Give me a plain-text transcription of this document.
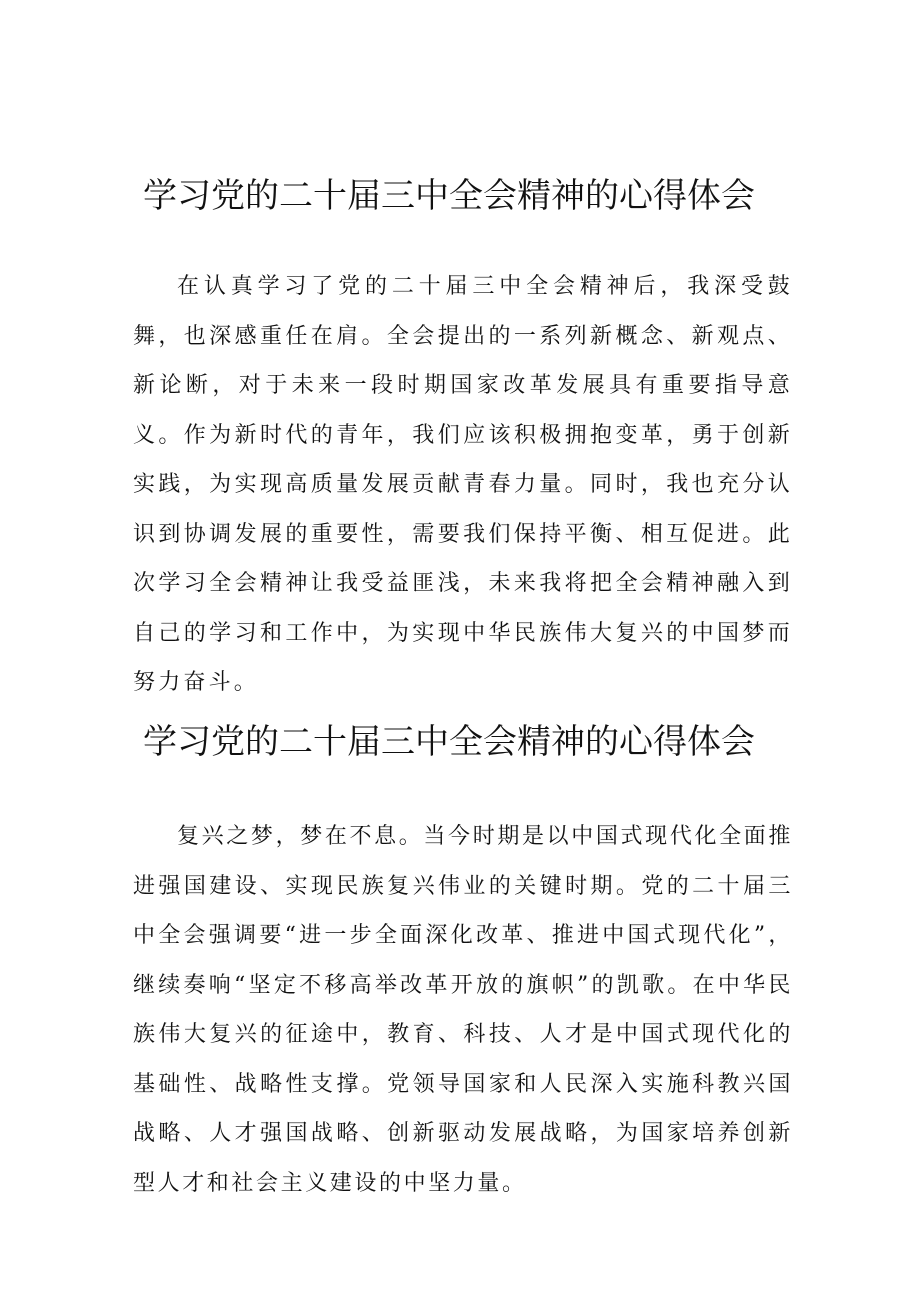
学习党的二十届三中全会精神的心得体会

在认真学习了党的二十届三中全会精神后，我深受鼓舞，也深感重任在肩。全会提出的一系列新概念、新观点、新论断，对于未来一段时期国家改革发展具有重要指导意义。作为新时代的青年，我们应该积极拥抱变革，勇于创新实践，为实现高质量发展贡献青春力量。同时，我也充分认识到协调发展的重要性，需要我们保持平衡、相互促进。此次学习全会精神让我受益匪浅，未来我将把全会精神融入到自己的学习和工作中，为实现中华民族伟大复兴的中国梦而努力奋斗。

学习党的二十届三中全会精神的心得体会

复兴之梦，梦在不息。当今时期是以中国式现代化全面推进强国建设、实现民族复兴伟业的关键时期。党的二十届三中全会强调要“进一步全面深化改革、推进中国式现代化”，继续奏响“坚定不移高举改革开放的旗帜”的凯歌。在中华民族伟大复兴的征途中，教育、科技、人才是中国式现代化的基础性、战略性支撑。党领导国家和人民深入实施科教兴国战略、人才强国战略、创新驱动发展战略，为国家培养创新型人才和社会主义建设的中坚力量。
